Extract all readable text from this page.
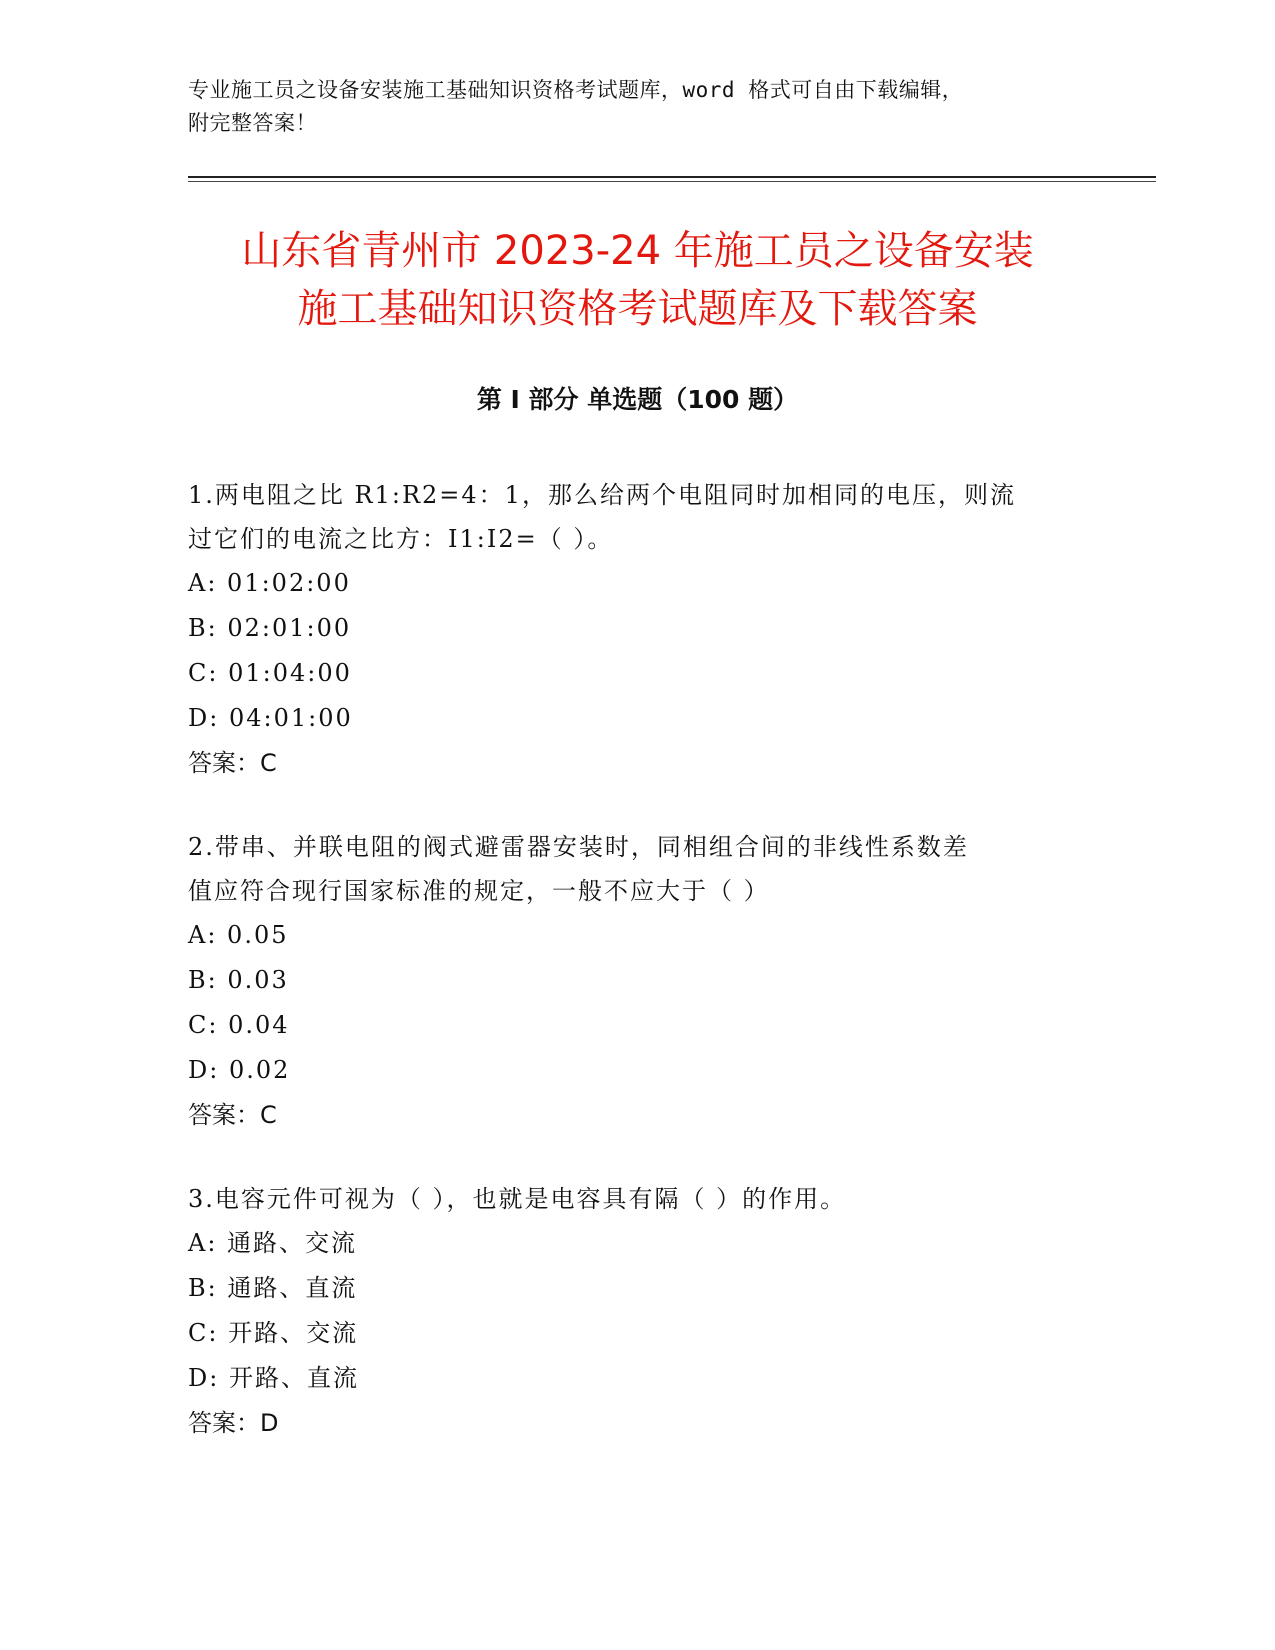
专业施工员之设备安装施工基础知识资格考试题库，word 格式可自由下载编辑，
附完整答案！
山东省青州市 2023-24 年施工员之设备安装
施工基础知识资格考试题库及下载答案
第 I 部分 单选题（100 题）

1.两电阻之比 R1:R2=4：1，那么给两个电阻同时加相同的电压，则流

过它们的电流之比方：I1:I2=（ ）。

A: 01:02:00

B: 02:01:00

C: 01:04:00

D: 04:01:00

答案：C

2.带串、并联电阻的阀式避雷器安装时，同相组合间的非线性系数差

值应符合现行国家标准的规定，一般不应大于（ ）

A: 0.05

B: 0.03

C: 0.04

D: 0.02

答案：C

3.电容元件可视为（ ），也就是电容具有隔（ ）的作用。

A: 通路、交流

B: 通路、直流

C: 开路、交流

D: 开路、直流

答案：D
